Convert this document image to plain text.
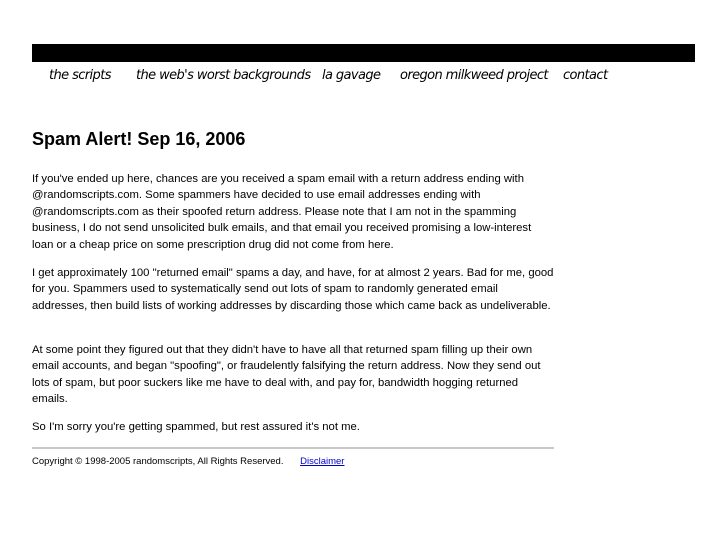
the scripts the web's worst backgrounds la gavage oregon milkweed project contact
Spam Alert! Sep 16, 2006

If you've ended up here, chances are you received a spam email with a return address ending with @randomscripts.com. Some spammers have decided to use email addresses ending with @randomscripts.com as their spoofed return address. Please note that I am not in the spamming business, I do not send unsolicited bulk emails, and that email you received promising a low-interest loan or a cheap price on some prescription drug did not come from here.

I get approximately 100 "returned email" spams a day, and have, for at almost 2 years. Bad for me, good for you. Spammers used to systematically send out lots of spam to randomly generated email addresses, then build lists of working addresses by discarding those which came back as undeliverable.

At some point they figured out that they didn't have to have all that returned spam filling up their own email accounts, and began "spoofing", or fraudelently falsifying the return address. Now they send out lots of spam, but poor suckers like me have to deal with, and pay for, bandwidth hogging returned emails.

So I'm sorry you're getting spammed, but rest assured it's not me.

Copyright © 1998-2005 randomscripts, All Rights Reserved. Disclaimer
